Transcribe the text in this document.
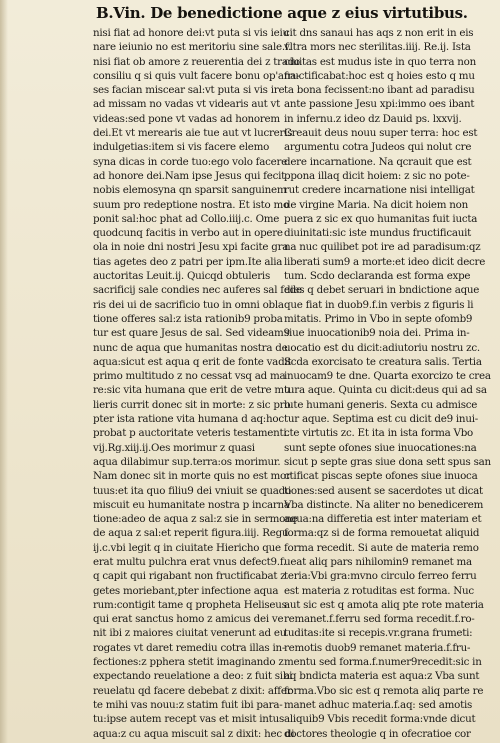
B.Vin. De benedictione aque z eius virtutibus.
nisi fiat ad honore dei:vt puta si vis ieiu
nare ieiunio no est meritoriu sine sale.f.
nisi fiat ob amore z reuerentia dei z trado
consiliu q si quis vult facere bonu op'ana-
ses facian miscear sal:vt puta si vis ire
ad missam no vadas vt videaris aut vt
videas:sed pone vt vadas ad honorem
dei.Et vt merearis aie tue aut vt lucreris
indulgetias:item si vis facere elemo
syna dicas in corde tuo:ego volo facere
ad honore dei.Nam ipse Jesus qui fecit
nobis elemosyna qn sparsit sanguinem
suum pro redeptione nostra. Et isto mo
ponit sal:hoc phat ad Collo.iiij.c. Ome
quodcunq facitis in verbo aut in opere
ola in noie dni nostri Jesu xpi facite gra
tias agetes deo z patri per ipm.Ite alia
auctoritas Leuit.ij. Quicqd obtuleris
sacrificij sale condies nec auferes sal fede
ris dei ui de sacrificio tuo in omni obla
tione offeres sal:z ista rationib9 proba
tur est quare Jesus de sal. Sed videam9
nunc de aqua que humanitas nostra de
aqua:sicut est aqua q erit de fonte vadit
primo multitudo z no cessat vsq ad ma
re:sic vita humana que erit de vetre mu
lieris currit donec sit in morte: z sic pro
pter ista ratione vita humana d aq:hoc
probat p auctoritate veteris testamenti.
vij.Rg.xiij.ij.Oes morimur z quasi
aqua dilabimur sup.terra:os morimur.
Nam donec sit in morte quis no est mor
tuus:et ita quo filiu9 dei vniuit se quado
miscuit eu humanitate nostra p incarna
tione:adeo de aqua z sal:z sie in sermone
de aqua z sal:et reperit figura.iiij. Regu
ij.c.vbi legit q in ciuitate Hiericho que
erat multu pulchra erat vnus defect9.f.
q capit qui rigabant non fructificabat z
getes moriebant,pter infectione aqua
rum:contigit tame q propheta Heliseus
qui erat sanctus homo z amicus dei ve
nit ibi z maiores ciuitat venerunt ad eu
rogates vt daret remediu cotra illas in-
fectiones:z pphera stetit imaginando z
expectando reuelatione a deo: z fuit sibi
reuelatu qd facere debebat z dixit: affer
te mihi vas nouu:z statim fuit ibi para-
tu:ipse autem recept vas et misit intus
aqua:z cu aqua miscuit sal z dixit: hec di
cit dns sanaui has aqs z non erit in eis
vltra mors nec sterilitas.iiij. Re.ij. Ista
ciuitas est mudus iste in quo terra non
fructificabat:hoc est q hoies esto q mu
ta bona fecissent:no ibant ad paradisu
ante passione Jesu xpi:immo oes ibant
in infernu.z ideo dz Dauid ps. lxxvij.
Creauit deus nouu super terra: hoc est
argumentu cotra Judeos qui nolut cre
dere incarnatione. Na qcrauit que est
ppona illaq dicit hoiem: z sic no pote-
rut credere incarnatione nisi intelligat
de virgine Maria. Na dicit hoiem non
puera z sic ex quo humanitas fuit iucta
diuinitati:sic iste mundus fructificauit
na nuc quilibet pot ire ad paradisum:qz
liberati sum9 a morte:et ideo dicit decre
tum. Scdo declaranda est forma expe
dies q debet seruari in bndictione aque
que fiat in duob9.f.in verbis z figuris li
mitatis. Primo in Vbo in septe ofomb9
siue inuocationib9 noia dei. Prima in-
uocatio est du dicit:adiutoriu nostru zc.
Scda exorcisato te creatura salis. Tertia
inuocam9 te dne. Quarta exorcizo te crea
tura aque. Quinta cu dicit:deus qui ad sa
lute humani generis. Sexta cu admisce
tur aque. Septima est cu dicit de9 inui-
cte virtutis zc. Et ita in ista forma Vbo
sunt septe ofones siue inuocationes:na
sicut p septe gras siue dona sett spus san
ctificat piscas septe ofones siue inuoca
tiones:sed ausent se sacerdotes ut dicat
Vba distincte. Na aliter no benedicerem
aqua:na differetia est inter materiam et
forma:qz si de forma remouetat aliquid
forma recedit. Si aute de materia remo
ueat aliq pars nihilomin9 remanet ma
teria:Vbi gra:mvno circulo ferreo ferru
est materia z rotuditas est forma. Nuc
aut sic est q amota aliq pte rote materia
remanet.f.ferru sed forma recedit.f.ro-
tuditas:ite si recepis.vr.grana frumeti:
remotis duob9 remanet materia.f.fru-
mentu sed forma.f.numer9recedit:sic in
aq bndicta materia est aqua:z Vba sunt
forma.Vbo sic est q remota aliq parte re
manet adhuc materia.f.aq: sed amotis
aliquib9 Vbis recedit forma:vnde dicut
doctores theologie q in ofecratioe cor
